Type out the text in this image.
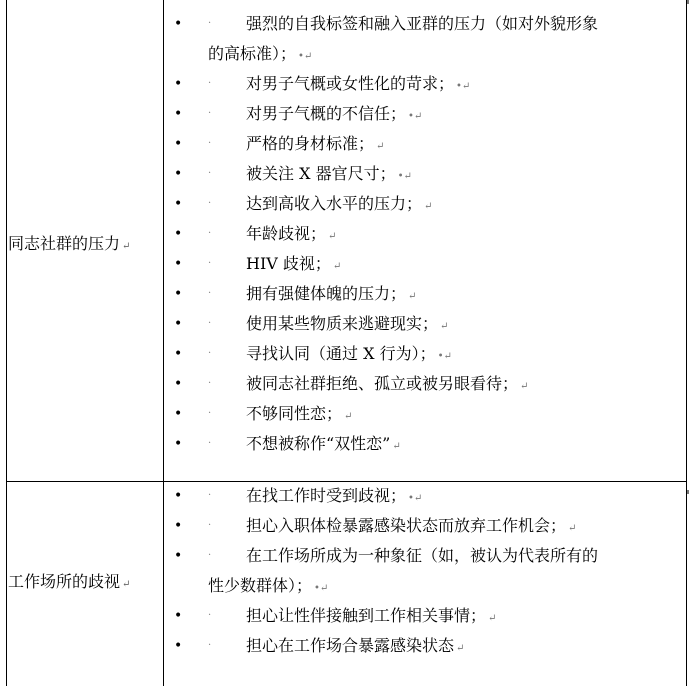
同志社群的压力 ↵
•	· 强烈的自我标签和融入亚群的压力（如对外貌形象
的高标准）； •↵
•	· 对男子气概或女性化的苛求； •↵
•	· 对男子气概的不信任； •↵
•	· 严格的身材标准； ↵
•	· 被关注 X 器官尺寸； •↵
•	· 达到高收入水平的压力； ↵
•	· 年龄歧视； ↵
•	· HIV 歧视； ↵
•	· 拥有强健体魄的压力； ↵
•	· 使用某些物质来逃避现实； ↵
•	· 寻找认同（通过 X 行为）； •↵
•	· 被同志社群拒绝、孤立或被另眼看待； ↵
•	· 不够同性恋； ↵
•	· 不想被称作“双性恋” ↵
工作场所的歧视 ↵
•	· 在找工作时受到歧视； •↵
•	· 担心入职体检暴露感染状态而放弃工作机会； ↵
•	· 在工作场所成为一种象征（如，被认为代表所有的
性少数群体）； •↵
•	· 担心让性伴接触到工作相关事情； ↵
•	· 担心在工作场合暴露感染状态 ↵
